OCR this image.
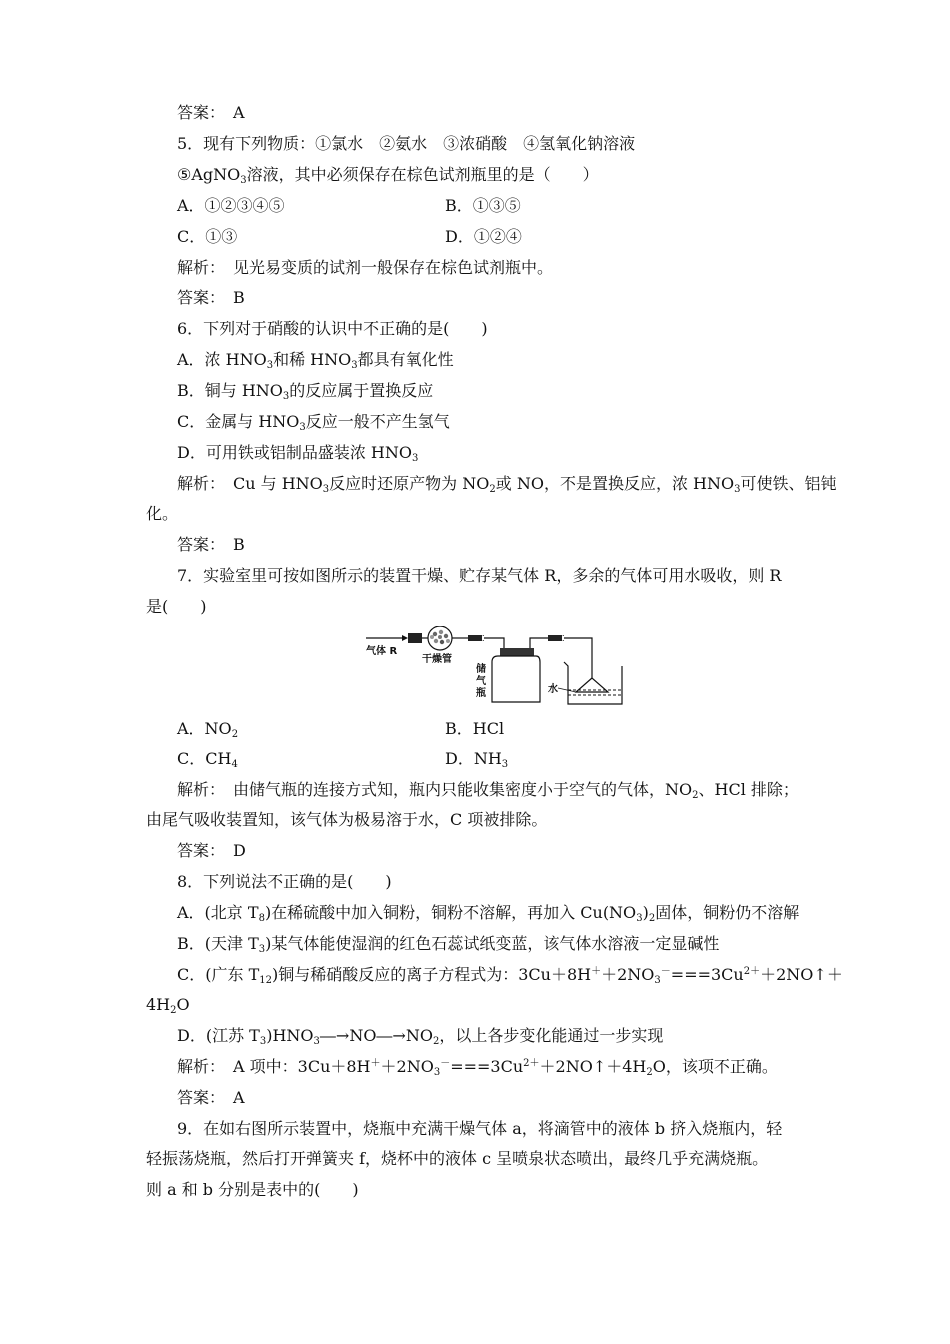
答案：　A
5．现有下列物质：①氯水　②氨水　③浓硝酸　④氢氧化钠溶液
⑤AgNO$_3$溶液，其中必须保存在棕色试剂瓶里的是（　　）
A．①②③④⑤	B．①③⑤
C．①③	D．①②④
解析：　见光易变质的试剂一般保存在棕色试剂瓶中。
答案：　B
6．下列对于硝酸的认识中不正确的是(　　)
A．浓 $HNO_3$和稀 $HNO_3$都具有氧化性
B．铜与 $HNO_3$的反应属于置换反应
C．金属与 $HNO_3$反应一般不产生氢气
D．可用铁或铝制品盛装浓 $HNO_3$
解析：　Cu 与 $HNO_3$反应时还原产物为 $NO_2$或 NO，不是置换反应，浓 $HNO_3$可使铁、铝钝
化。
答案：　B
7．实验室里可按如图所示的装置干燥、贮存某气体 R，多余的气体可用水吸收，则 R
是(　　)
气体 R
干燥管
储
气
瓶	水
A．$NO_2$	B．HCl
C．$CH_4$	D．$NH_3$
解析：　由储气瓶的连接方式知，瓶内只能收集密度小于空气的气体，$NO_2$、HCl 排除；
由尾气吸收装置知，该气体为极易溶于水，C 项被排除。
答案：　D
8．下列说法不正确的是(　　)
A．(北京 $T_8$)在稀硫酸中加入铜粉，铜粉不溶解，再加入 $Cu(NO_3)_2$固体，铜粉仍不溶解
B．(天津 $T_3$)某气体能使湿润的红色石蕊试纸变蓝，该气体水溶液一定显碱性
C．(广东 $T_{12}$)铜与稀硝酸反应的离子方程式为：$3Cu+8H^++2NO_3^-===3Cu^{2+}+2NO↑+$
$4H_2O$
D．(江苏 $T_3)HNO_3―\to NO―\to NO_2$，以上各步变化能通过一步实现
解析：　A 项中：$3Cu+8H^++2NO_3^-===3Cu^{2+}+2NO↑+4H_2O$，该项不正确。
答案：　A
9．在如右图所示装置中，烧瓶中充满干燥气体 a，将滴管中的液体 b 挤入烧瓶内，轻
轻振荡烧瓶，然后打开弹簧夹 f，烧杯中的液体 c 呈喷泉状态喷出，最终几乎充满烧瓶。
则 a 和 b 分别是表中的(　　)
